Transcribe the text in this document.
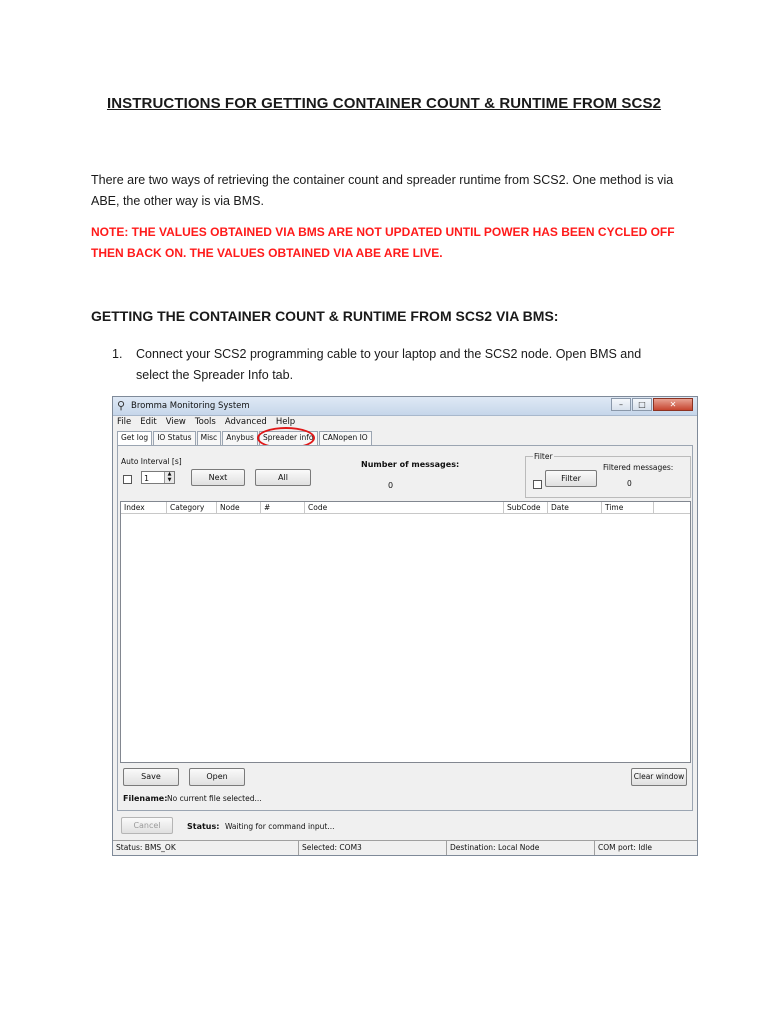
INSTRUCTIONS FOR GETTING CONTAINER COUNT & RUNTIME FROM SCS2
There are two ways of retrieving the container count and spreader runtime from SCS2. One method is via ABE, the other way is via BMS.
NOTE: THE VALUES OBTAINED VIA BMS ARE NOT UPDATED UNTIL POWER HAS BEEN CYCLED OFF THEN BACK ON. THE VALUES OBTAINED VIA ABE ARE LIVE.
GETTING THE CONTAINER COUNT & RUNTIME FROM SCS2 VIA BMS:
1. Connect your SCS2 programming cable to your laptop and the SCS2 node. Open BMS and select the Spreader Info tab.
⚲ Bromma Monitoring System	–	□	✕
File Edit View Tools Advanced Help
Get log	IO Status	Misc	Anybus	Spreader info	CANopen IO
Auto Interval [s]
1	▲
▼	Next	All
Number of messages:
0
Filter
Filter
Filtered messages:
0
Index	Category	Node	#	Code	SubCode	Date	Time
Save	Open	Clear window
Filename: No current file selected...
Cancel	Status: Waiting for command input...
Status: BMS_OK	Selected: COM3	Destination: Local Node	COM port: Idle
